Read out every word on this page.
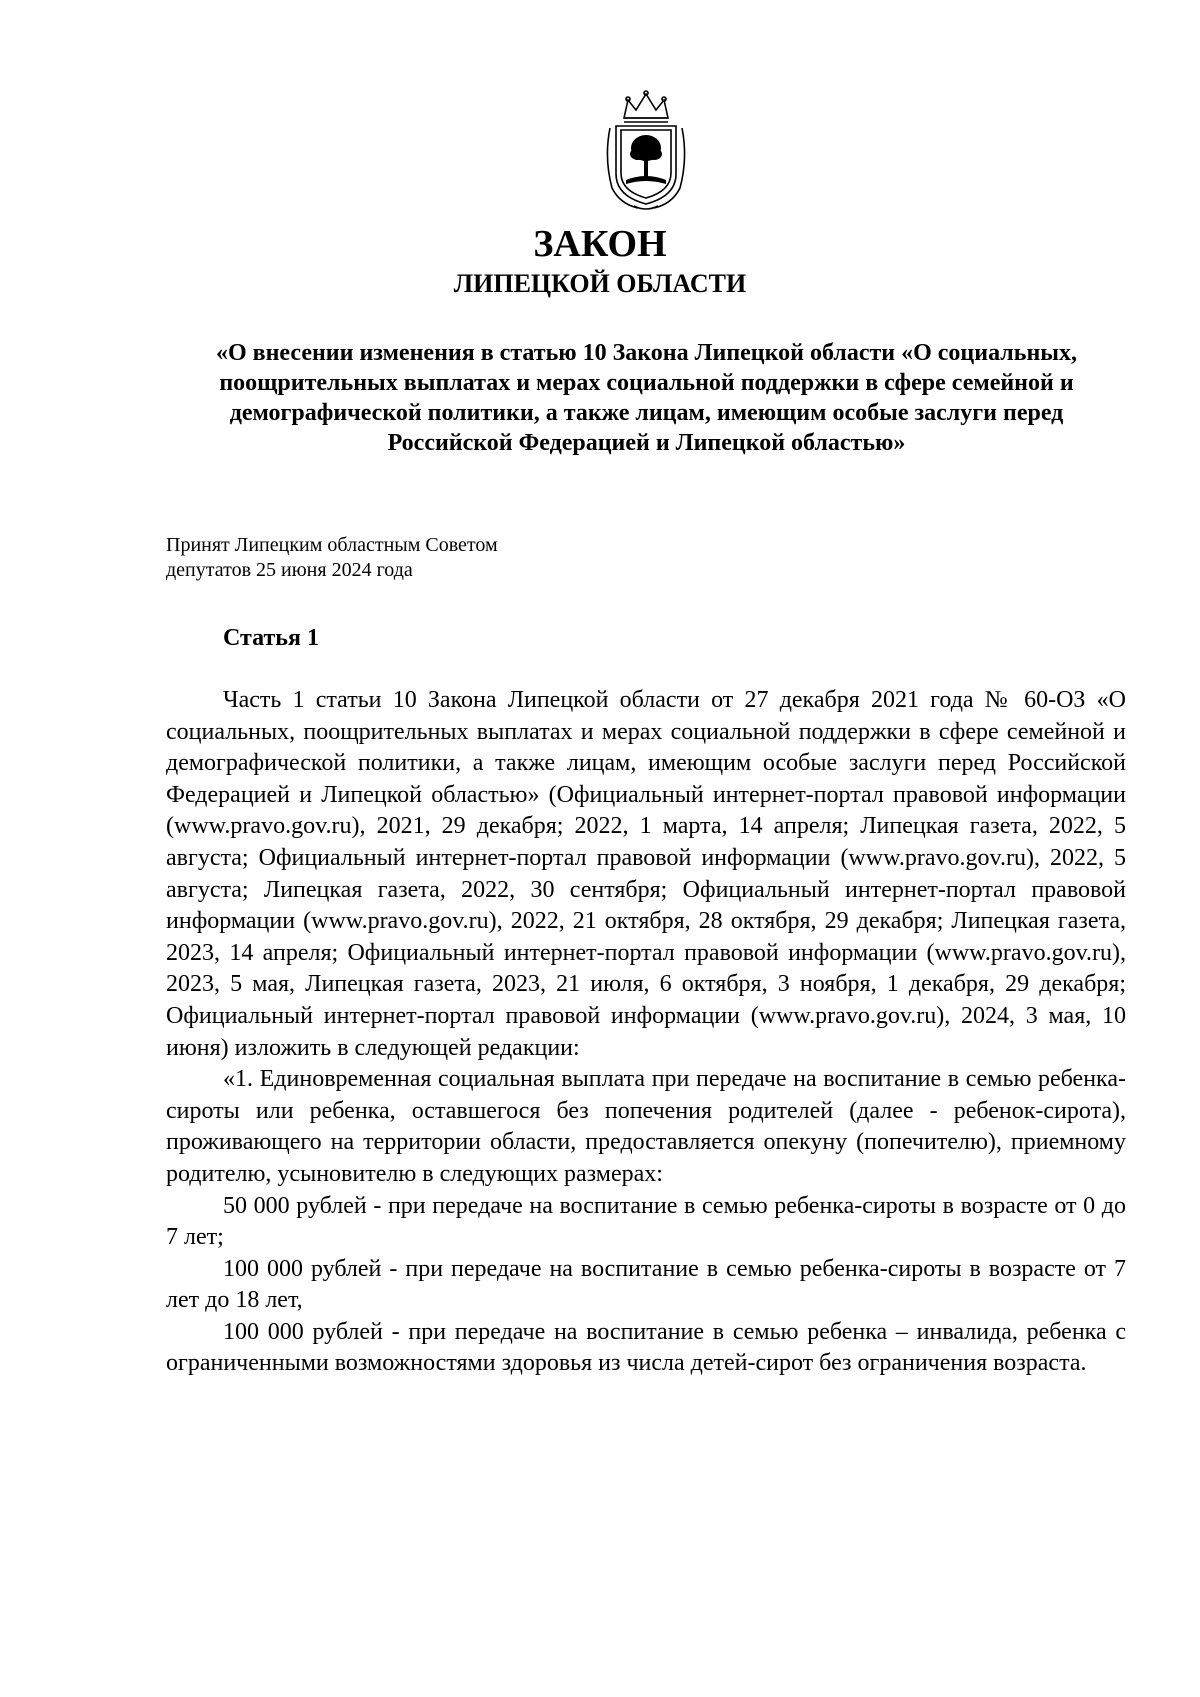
ЗАКОН
ЛИПЕЦКОЙ ОБЛАСТИ
«О внесении изменения в статью 10 Закона Липецкой области «О социальных, поощрительных выплатах и мерах социальной поддержки в сфере семейной и демографической политики, а также лицам, имеющим особые заслуги перед Российской Федерацией и Липецкой областью»
Принят Липецким областным Советом
депутатов 25 июня 2024 года
Статья 1

Часть 1 статьи 10 Закона Липецкой области от 27 декабря 2021 года № 60-ОЗ «О социальных, поощрительных выплатах и мерах социальной поддержки в сфере семейной и демографической политики, а также лицам, имеющим особые заслуги перед Российской Федерацией и Липецкой областью» (Официальный интернет-портал правовой информации (www.pravo.gov.ru), 2021, 29 декабря; 2022, 1 марта, 14 апреля; Липецкая газета, 2022, 5 августа; Официальный интернет-портал правовой информации (www.pravo.gov.ru), 2022, 5 августа; Липецкая газета, 2022, 30 сентября; Официальный интернет-портал правовой информации (www.pravo.gov.ru), 2022, 21 октября, 28 октября, 29 декабря; Липецкая газета, 2023, 14 апреля; Официальный интернет-портал правовой информации (www.pravo.gov.ru), 2023, 5 мая, Липецкая газета, 2023, 21 июля, 6 октября, 3 ноября, 1 декабря, 29 декабря; Официальный интернет-портал правовой информации (www.pravo.gov.ru), 2024, 3 мая, 10 июня) изложить в следующей редакции:

«1. Единовременная социальная выплата при передаче на воспитание в семью ребенка-сироты или ребенка, оставшегося без попечения родителей (далее - ребенок-сирота), проживающего на территории области, предоставляется опекуну (попечителю), приемному родителю, усыновителю в следующих размерах:

50 000 рублей - при передаче на воспитание в семью ребенка-сироты в возрасте от 0 до 7 лет;

100 000 рублей - при передаче на воспитание в семью ребенка-сироты в возрасте от 7 лет до 18 лет,

100 000 рублей - при передаче на воспитание в семью ребенка – инвалида, ребенка с ограниченными возможностями здоровья из числа детей-сирот без ограничения возраста.
